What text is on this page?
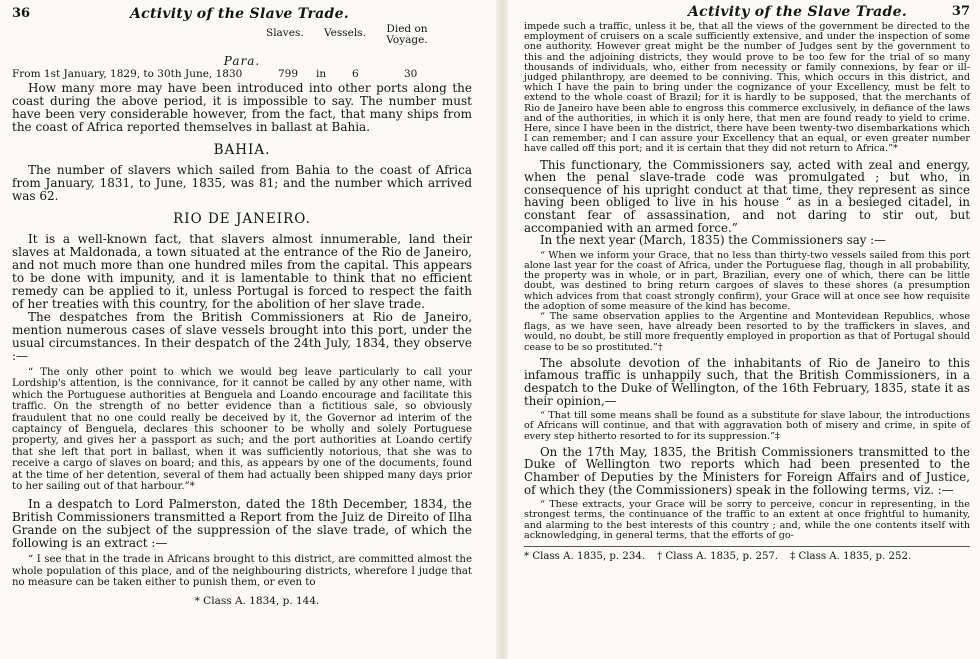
36	Activity of the Slave Trade.
Slaves. Vessels. Died on Voyage.
Para.
From 1st January, 1829, to 30th June, 1830	799 in 6	30

How many more may have been introduced into other ports along the coast during the above period, it is impossible to say. The number must have been very considerable however, from the fact, that many ships from the coast of Africa reported themselves in ballast at Bahia.

BAHIA.

The number of slavers which sailed from Bahia to the coast of Africa from January, 1831, to June, 1835, was 81; and the number which arrived was 62.

RIO DE JANEIRO.

It is a well-known fact, that slavers almost innumerable, land their slaves at Maldonada, a town situated at the entrance of the Rio de Janeiro, and not much more than one hundred miles from the capital. This appears to be done with impunity, and it is lamentable to think that no efficient remedy can be applied to it, unless Portugal is forced to respect the faith of her treaties with this country, for the abolition of her slave trade.

The despatches from the British Commissioners at Rio de Janeiro, mention numerous cases of slave vessels brought into this port, under the usual circumstances. In their despatch of the 24th July, 1834, they observe :—

“ The only other point to which we would beg leave particularly to call your Lordship's attention, is the connivance, for it cannot be called by any other name, with which the Portuguese authorities at Benguela and Loando encourage and facilitate this traffic. On the strength of no better evidence than a fictitious sale, so obviously fraudulent that no one could really be deceived by it, the Governor ad interim of the captaincy of Benguela, declares this schooner to be wholly and solely Portuguese property, and gives her a passport as such; and the port authorities at Loando certify that she left that port in ballast, when it was sufficiently notorious, that she was to receive a cargo of slaves on board; and this, as appears by one of the documents, found at the time of her detention, several of them had actually been shipped many days prior to her sailing out of that harbour.”*

In a despatch to Lord Palmerston, dated the 18th December, 1834, the British Commissioners transmitted a Report from the Juiz de Direito of Ilha Grande on the subject of the suppression of the slave trade, of which the following is an extract :—

“ I see that in the trade in Africans brought to this district, are committed almost the whole population of this place, and of the neighbouring districts, wherefore I judge that no measure can be taken either to punish them, or even to

* Class A. 1834, p. 144.
Activity of the Slave Trade.	37

impede such a traffic, unless it be, that all the views of the government be directed to the employment of cruisers on a scale sufficiently extensive, and under the inspection of some one authority. However great might be the number of Judges sent by the government to this and the adjoining districts, they would prove to be too few for the trial of so many thousands of individuals, who, either from necessity or family connexions, by fear or ill-judged philanthropy, are deemed to be conniving. This, which occurs in this district, and which I have the pain to bring under the cognizance of your Excellency, must be felt to extend to the whole coast of Brazil; for it is hardly to be supposed, that the merchants of Rio de Janeiro have been able to engross this commerce exclusively, in defiance of the laws and of the authorities, in which it is only here, that men are found ready to yield to crime. Here, since I have been in the district, there have been twenty-two disembarkations which I can remember; and I can assure your Excellency that an equal, or even greater number have called off this port; and it is certain that they did not return to Africa.”*

This functionary, the Commissioners say, acted with zeal and energy, when the penal slave-trade code was promulgated ; but who, in consequence of his upright conduct at that time, they represent as since having been obliged to live in his house “ as in a besieged citadel, in constant fear of assassination, and not daring to stir out, but accompanied with an armed force.”

In the next year (March, 1835) the Commissioners say :—

“ When we inform your Grace, that no less than thirty-two vessels sailed from this port alone last year for the coast of Africa, under the Portuguese flag, though in all probability, the property was in whole, or in part, Brazilian, every one of which, there can be little doubt, was destined to bring return cargoes of slaves to these shores (a presumption which advices from that coast strongly confirm), your Grace will at once see how requisite the adoption of some measure of the kind has become.

“ The same observation applies to the Argentine and Montevidean Republics, whose flags, as we have seen, have already been resorted to by the traffickers in slaves, and would, no doubt, be still more frequently employed in proportion as that of Portugal should cease to be so prostituted.”†

The absolute devotion of the inhabitants of Rio de Janeiro to this infamous traffic is unhappily such, that the British Commissioners, in a despatch to the Duke of Wellington, of the 16th February, 1835, state it as their opinion,—

“ That till some means shall be found as a substitute for slave labour, the introductions of Africans will continue, and that with aggravation both of misery and crime, in spite of every step hitherto resorted to for its suppression.”‡

On the 17th May, 1835, the British Commissioners transmitted to the Duke of Wellington two reports which had been presented to the Chamber of Deputies by the Ministers for Foreign Affairs and of Justice, of which they (the Commissioners) speak in the following terms, viz. :—

“ These extracts, your Grace will be sorry to perceive, concur in representing, in the strongest terms, the continuance of the traffic to an extent at once frightful to humanity, and alarming to the best interests of this country ; and, while the one contents itself with acknowledging, in general terms, that the efforts of go-

* Class A. 1835, p. 234. † Class A. 1835, p. 257. ‡ Class A. 1835, p. 252.
